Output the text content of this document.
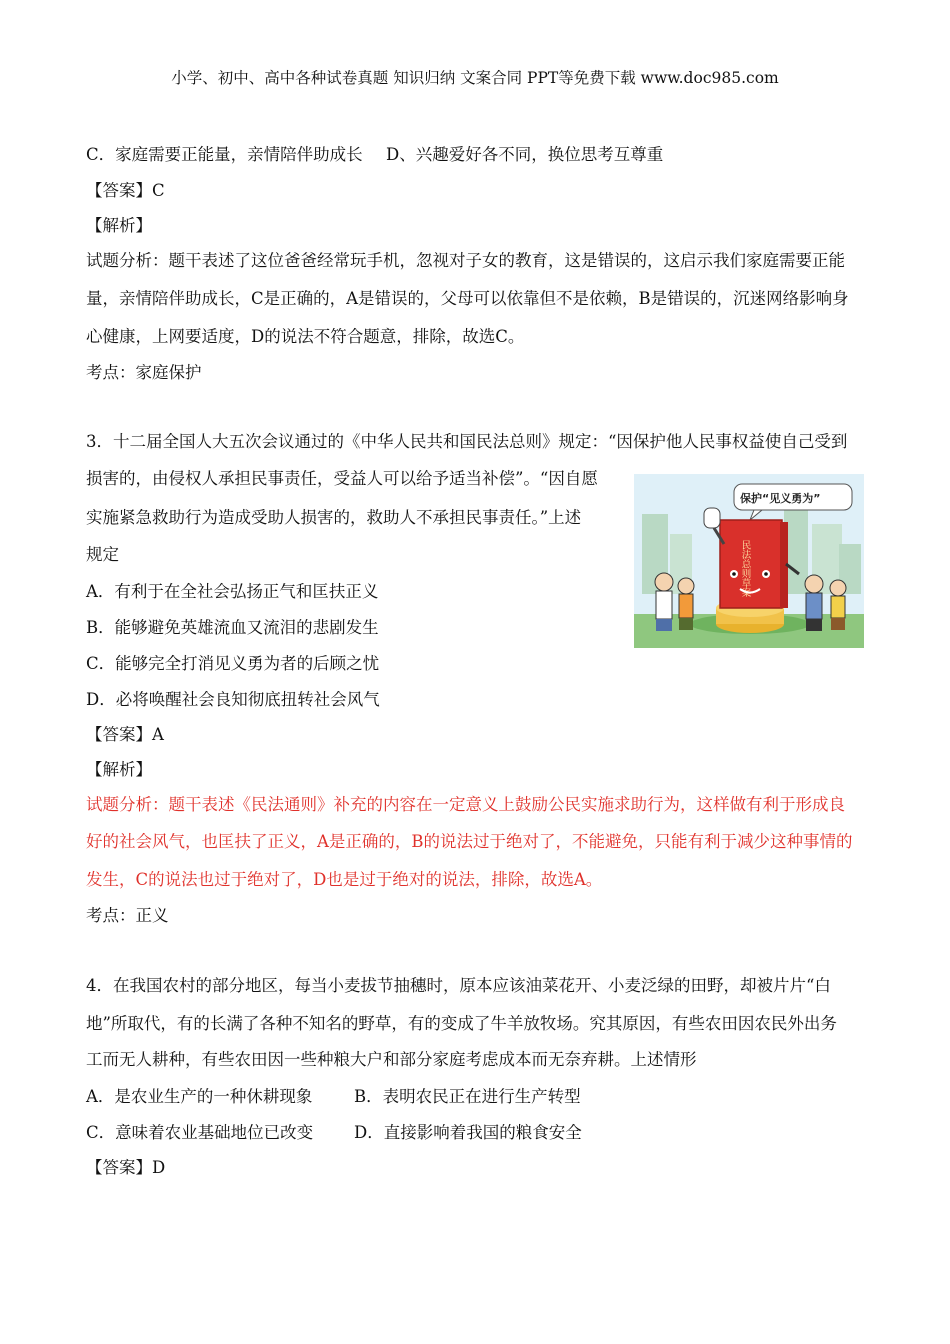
小学、初中、高中各种试卷真题 知识归纳 文案合同 PPT等免费下载 www.doc985.com
C．家庭需要正能量，亲情陪伴助成长 D、兴趣爱好各不同，换位思考互尊重
【答案】C
【解析】
试题分析：题干表述了这位爸爸经常玩手机，忽视对子女的教育，这是错误的，这启示我们家庭需要正能
量，亲情陪伴助成长，C是正确的，A是错误的，父母可以依靠但不是依赖，B是错误的，沉迷网络影响身
心健康，上网要适度，D的说法不符合题意，排除，故选C。
考点：家庭保护
3．十二届全国人大五次会议通过的《中华人民共和国民法总则》规定：“因保护他人民事权益使自己受到
损害的，由侵权人承担民事责任，受益人可以给予适当补偿”。“因自愿
实施紧急救助行为造成受助人损害的，救助人不承担民事责任。”上述
规定
A．有利于在全社会弘扬正气和匡扶正义
B．能够避免英雄流血又流泪的悲剧发生
C．能够完全打消见义勇为者的后顾之忧
D．必将唤醒社会良知彻底扭转社会风气
【答案】A
【解析】
试题分析：题干表述《民法通则》补充的内容在一定意义上鼓励公民实施求助行为，这样做有利于形成良
好的社会风气，也匡扶了正义，A是正确的，B的说法过于绝对了，不能避免，只能有利于减少这种事情的
发生，C的说法也过于绝对了，D也是过于绝对的说法，排除，故选A。
考点：正义
4．在我国农村的部分地区，每当小麦拔节抽穗时，原本应该油菜花开、小麦泛绿的田野，却被片片“白
地”所取代，有的长满了各种不知名的野草，有的变成了牛羊放牧场。究其原因，有些农田因农民外出务
工而无人耕种，有些农田因一些种粮大户和部分家庭考虑成本而无奈弃耕。上述情形
A．是农业生产的一种休耕现象	B．表明农民正在进行生产转型
C．意味着农业基础地位已改变 D．直接影响着我国的粮食安全
【答案】D
保护“见义勇为”
民法总则草案
